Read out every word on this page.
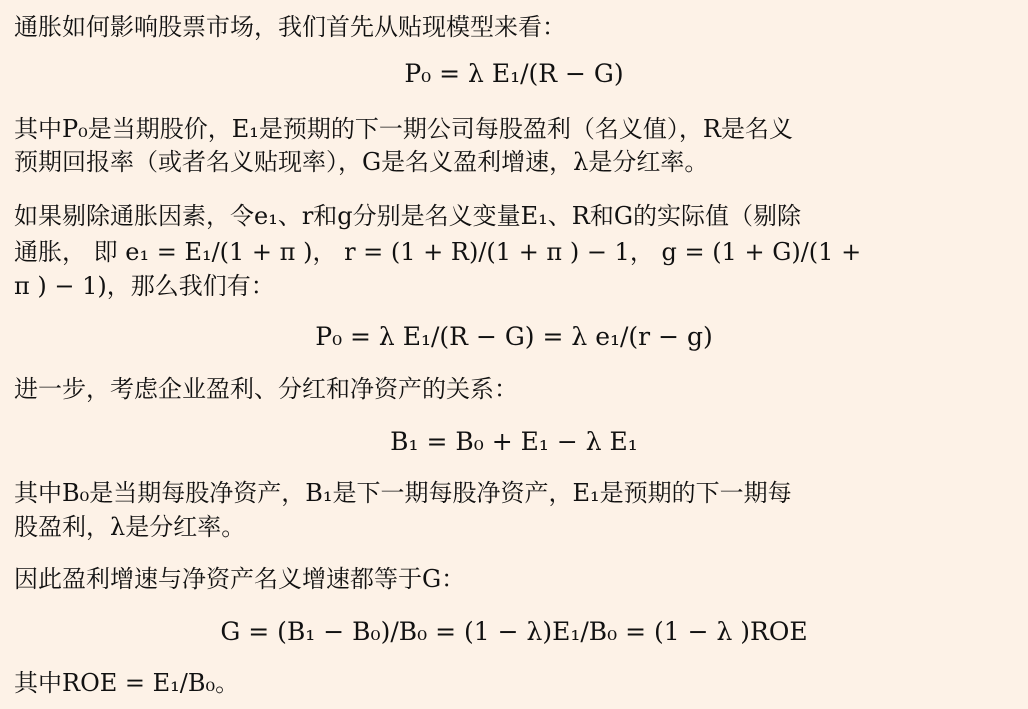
通胀如何影响股票市场，我们首先从贴现模型来看：
P₀ = λ E₁/(R − G)
其中P₀是当期股价，E₁是预期的下一期公司每股盈利（名义值），R是名义
预期回报率（或者名义贴现率），G是名义盈利增速，λ是分红率。
如果剔除通胀因素，令e₁、r和g分别是名义变量E₁、R和G的实际值（剔除
通胀， 即 e₁ = E₁/(1 + π )， r = (1 + R)/(1 + π ) − 1， g = (1 + G)/(1 +
π ) − 1)，那么我们有：
P₀ = λ E₁/(R − G) = λ e₁/(r − g)
进一步，考虑企业盈利、分红和净资产的关系：
B₁ = B₀ + E₁ − λ E₁
其中B₀是当期每股净资产，B₁是下一期每股净资产，E₁是预期的下一期每
股盈利，λ是分红率。
因此盈利增速与净资产名义增速都等于G：
G = (B₁ − B₀)/B₀ = (1 − λ)E₁/B₀ = (1 − λ )ROE
其中ROE = E₁/B₀。
